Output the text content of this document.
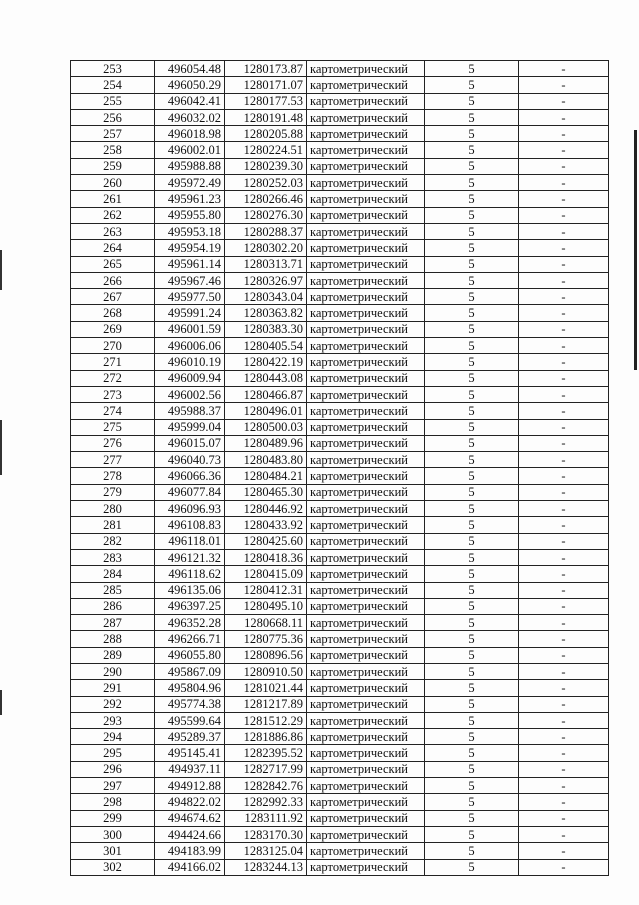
253	496054.48	1280173.87	картометрический	5	-
254	496050.29	1280171.07	картометрический	5	-
255	496042.41	1280177.53	картометрический	5	-
256	496032.02	1280191.48	картометрический	5	-
257	496018.98	1280205.88	картометрический	5	-
258	496002.01	1280224.51	картометрический	5	-
259	495988.88	1280239.30	картометрический	5	-
260	495972.49	1280252.03	картометрический	5	-
261	495961.23	1280266.46	картометрический	5	-
262	495955.80	1280276.30	картометрический	5	-
263	495953.18	1280288.37	картометрический	5	-
264	495954.19	1280302.20	картометрический	5	-
265	495961.14	1280313.71	картометрический	5	-
266	495967.46	1280326.97	картометрический	5	-
267	495977.50	1280343.04	картометрический	5	-
268	495991.24	1280363.82	картометрический	5	-
269	496001.59	1280383.30	картометрический	5	-
270	496006.06	1280405.54	картометрический	5	-
271	496010.19	1280422.19	картометрический	5	-
272	496009.94	1280443.08	картометрический	5	-
273	496002.56	1280466.87	картометрический	5	-
274	495988.37	1280496.01	картометрический	5	-
275	495999.04	1280500.03	картометрический	5	-
276	496015.07	1280489.96	картометрический	5	-
277	496040.73	1280483.80	картометрический	5	-
278	496066.36	1280484.21	картометрический	5	-
279	496077.84	1280465.30	картометрический	5	-
280	496096.93	1280446.92	картометрический	5	-
281	496108.83	1280433.92	картометрический	5	-
282	496118.01	1280425.60	картометрический	5	-
283	496121.32	1280418.36	картометрический	5	-
284	496118.62	1280415.09	картометрический	5	-
285	496135.06	1280412.31	картометрический	5	-
286	496397.25	1280495.10	картометрический	5	-
287	496352.28	1280668.11	картометрический	5	-
288	496266.71	1280775.36	картометрический	5	-
289	496055.80	1280896.56	картометрический	5	-
290	495867.09	1280910.50	картометрический	5	-
291	495804.96	1281021.44	картометрический	5	-
292	495774.38	1281217.89	картометрический	5	-
293	495599.64	1281512.29	картометрический	5	-
294	495289.37	1281886.86	картометрический	5	-
295	495145.41	1282395.52	картометрический	5	-
296	494937.11	1282717.99	картометрический	5	-
297	494912.88	1282842.76	картометрический	5	-
298	494822.02	1282992.33	картометрический	5	-
299	494674.62	1283111.92	картометрический	5	-
300	494424.66	1283170.30	картометрический	5	-
301	494183.99	1283125.04	картометрический	5	-
302	494166.02	1283244.13	картометрический	5	-
